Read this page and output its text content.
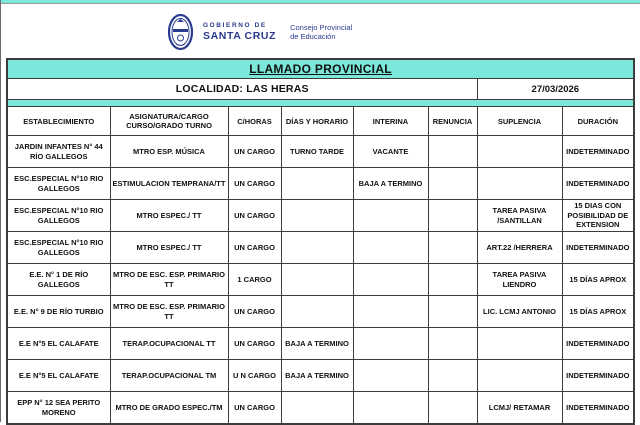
GOBIERNO DE
SANTA CRUZ
Consejo Provincial
de Educación
LLAMADO PROVINCIAL							
LOCALIDAD: LAS HERAS						27/03/2026	

ESTABLECIMIENTO	ASIGNATURA/CARGO CURSO/GRADO TURNO	C/HORAS	DÍAS Y HORARIO	INTERINA	RENUNCIA	SUPLENCIA	DURACIÓN
JARDIN INFANTES N° 44 RÍO GALLEGOS	MTRO ESP. MÚSICA	UN CARGO	TURNO TARDE	VACANTE			INDETERMINADO
ESC.ESPECIAL N°10 RIO GALLEGOS	ESTIMULACION TEMPRANA/TT	UN CARGO		BAJA A TERMINO			INDETERMINADO
ESC.ESPECIAL N°10 RIO GALLEGOS	MTRO ESPEC./ TT	UN CARGO				TAREA PASIVA /SANTILLAN	15 DIAS CON POSIBILIDAD DE EXTENSION
ESC.ESPECIAL N°10 RIO GALLEGOS	MTRO ESPEC./ TT	UN CARGO				ART.22 /HERRERA	INDETERMINADO
E.E. N° 1 DE RÍO GALLEGOS	MTRO DE ESC. ESP. PRIMARIO TT	1 CARGO				TAREA PASIVA LIENDRO	15 DÍAS APROX
E.E. N° 9 DE RÍO TURBIO	MTRO DE ESC. ESP. PRIMARIO TT	UN CARGO				LIC. LCMJ ANTONIO	15 DÍAS APROX
E.E N°5 EL CALAFATE	TERAP.OCUPACIONAL TT	UN CARGO	BAJA A TERMINO				INDETERMINADO
E.E N°5 EL CALAFATE	TERAP.OCUPACIONAL TM	U N CARGO	BAJA A TERMINO				INDETERMINADO
EPP N° 12 SEA PERITO MORENO	MTRO DE GRADO ESPEC./TM	UN CARGO				LCMJ/ RETAMAR	INDETERMINADO
